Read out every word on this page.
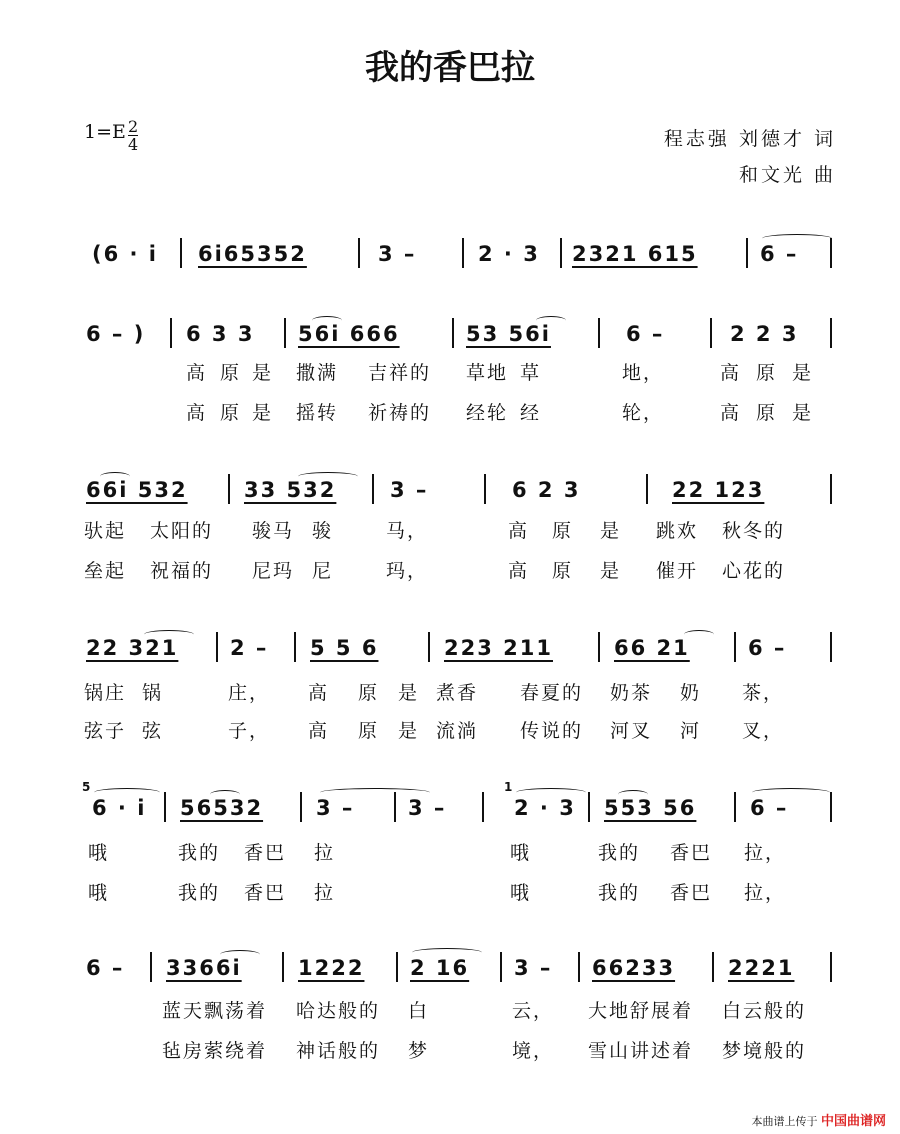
我的香巴拉
1=E 2
4	程志强 刘德才 词
和文光 曲
(6 · i 6i65352	3 –	2 · 3 2321 615	6 –
6 – ) 6 3 3 56i 666	53 56i	6 –	2 2 3
高 原 是 撒满 吉祥的 草地 草	地，	高 原 是
高 原 是 摇转 祈祷的 经轮 经	轮，	高 原 是
66i 532	33 532	3 –	6 2 3	22 123
驮起 太阳的 骏马 骏	马，	高 原 是 跳欢 秋冬的
垒起 祝福的 尼玛 尼	玛，	高 原 是 催开 心花的
22 321 2 – 5 5 6	223 211	66 21	6 –
锅庄 锅	庄， 高 原 是 煮香 春夏的 奶茶 奶 茶，
弦子 弦	子， 高 原 是 流淌 传说的 河叉 河 叉，
5
6 · i 56532	3 –	3 –
1
2 · 3 553 56	6 –
哦	我的 香巴 拉	哦	我的 香巴 拉，
哦	我的 香巴 拉	哦	我的 香巴 拉，
6 – 3366i	1222 2 16 3 – 66233	2221
蓝天飘荡着 哈达般的 白	云， 大地舒展着 白云般的
毡房萦绕着 神话般的 梦	境， 雪山讲述着 梦境般的
本曲谱上传于 中国曲谱网
